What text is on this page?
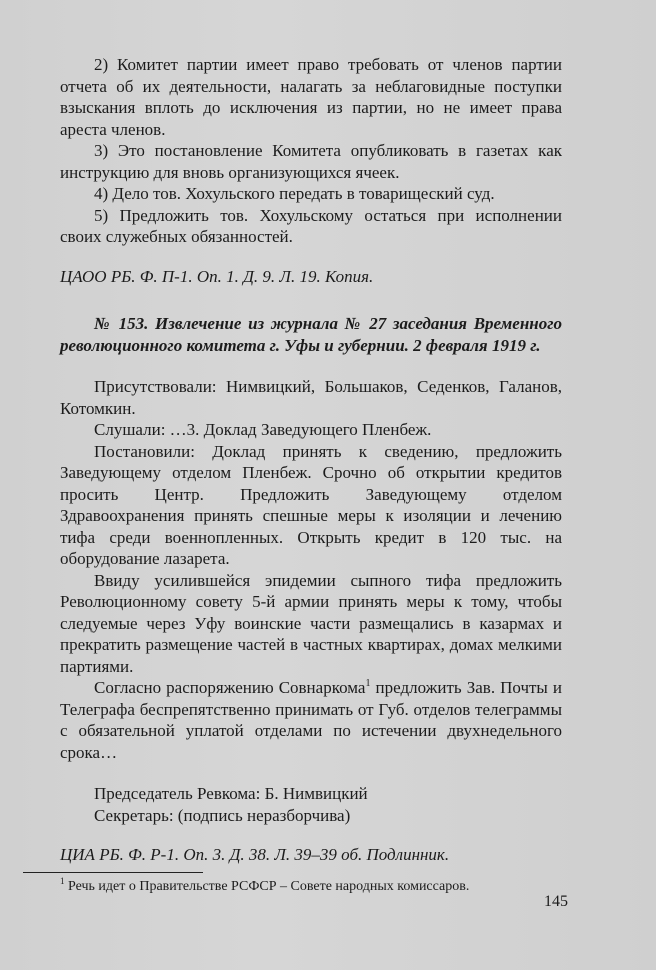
2) Комитет партии имеет право требовать от членов партии отчета об их деятельности, налагать за неблаговидные поступки взыскания вплоть до исключения из партии, но не имеет права ареста членов.

3) Это постановление Комитета опубликовать в газетах как инструкцию для вновь организующихся ячеек.

4) Дело тов. Хохульского передать в товарищеский суд.

5) Предложить тов. Хохульскому остаться при исполнении своих служебных обязанностей.

ЦАОО РБ. Ф. П-1. Оп. 1. Д. 9. Л. 19. Копия.

№ 153. Извлечение из журнала № 27 заседания Временного революционного комитета г. Уфы и губернии. 2 февраля 1919 г.

Присутствовали: Нимвицкий, Большаков, Седенков, Галанов, Котомкин.

Слушали: …3. Доклад Заведующего Пленбеж.

Постановили: Доклад принять к сведению, предложить Заведующему отделом Пленбеж. Срочно об открытии кредитов просить Центр. Предложить Заведующему отделом Здравоохранения принять спешные меры к изоляции и лечению тифа среди военнопленных. Открыть кредит в 120 тыс. на оборудование лазарета.

Ввиду усилившейся эпидемии сыпного тифа предложить Революционному совету 5-й армии принять меры к тому, чтобы следуемые через Уфу воинские части размещались в казармах и прекратить размещение частей в частных квартирах, домах мелкими партиями.

Согласно распоряжению Совнаркома$^1$ предложить Зав. Почты и Телеграфа беспрепятственно принимать от Губ. отделов телеграммы с обязательной уплатой отделами по истечении двухнедельного срока…

Председатель Ревкома: Б. Нимвицкий

Секретарь: (подпись неразборчива)

ЦИА РБ. Ф. Р-1. Оп. 3. Д. 38. Л. 39–39 об. Подлинник.

$^1$ Речь идет о Правительстве РСФСР – Совете народных комиссаров.
145
